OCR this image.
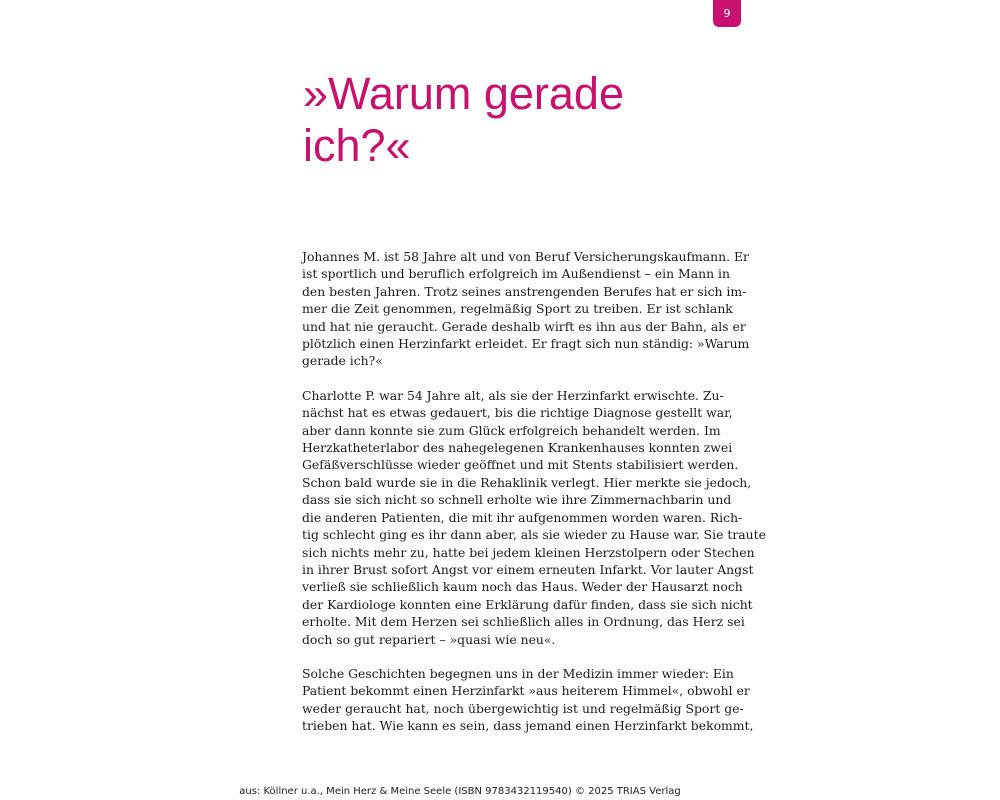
9
»Warum gerade
ich?«

Johannes M. ist 58 Jahre alt und von Beruf Versicherungskaufmann. Er
ist sportlich und beruflich erfolgreich im Außendienst – ein Mann in
den besten Jahren. Trotz seines anstrengenden Berufes hat er sich im-
mer die Zeit genommen, regelmäßig Sport zu treiben. Er ist schlank
und hat nie geraucht. Gerade deshalb wirft es ihn aus der Bahn, als er
plötzlich einen Herzinfarkt erleidet. Er fragt sich nun ständig: »Warum
gerade ich?«

Charlotte P. war 54 Jahre alt, als sie der Herzinfarkt erwischte. Zu-
nächst hat es etwas gedauert, bis die richtige Diagnose gestellt war,
aber dann konnte sie zum Glück erfolgreich behandelt werden. Im
Herzkatheterlabor des nahegelegenen Krankenhauses konnten zwei
Gefäßverschlüsse wieder geöffnet und mit Stents stabilisiert werden.
Schon bald wurde sie in die Rehaklinik verlegt. Hier merkte sie jedoch,
dass sie sich nicht so schnell erholte wie ihre Zimmernachbarin und
die anderen Patienten, die mit ihr aufgenommen worden waren. Rich-
tig schlecht ging es ihr dann aber, als sie wieder zu Hause war. Sie traute
sich nichts mehr zu, hatte bei jedem kleinen Herzstolpern oder Stechen
in ihrer Brust sofort Angst vor einem erneuten Infarkt. Vor lauter Angst
verließ sie schließlich kaum noch das Haus. Weder der Hausarzt noch
der Kardiologe konnten eine Erklärung dafür finden, dass sie sich nicht
erholte. Mit dem Herzen sei schließlich alles in Ordnung, das Herz sei
doch so gut repariert – »quasi wie neu«.

Solche Geschichten begegnen uns in der Medizin immer wieder: Ein
Patient bekommt einen Herzinfarkt »aus heiterem Himmel«, obwohl er
weder geraucht hat, noch übergewichtig ist und regelmäßig Sport ge-
trieben hat. Wie kann es sein, dass jemand einen Herzinfarkt bekommt,

aus: Köllner u.a., Mein Herz & Meine Seele (ISBN 9783432119540) © 2025 TRIAS Verlag
